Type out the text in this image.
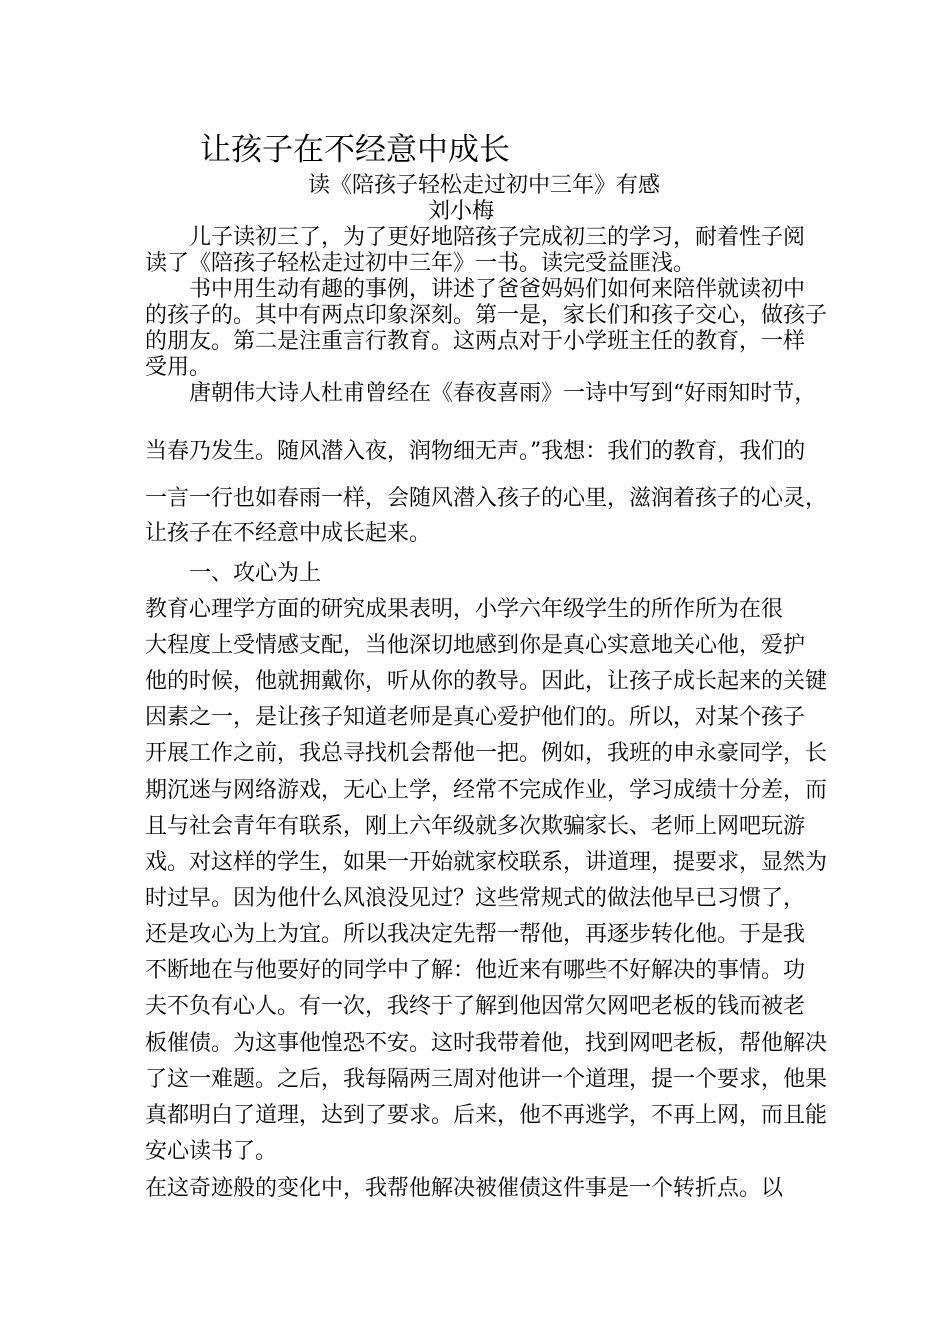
让孩子在不经意中成长
读《陪孩子轻松走过初中三年》有感
刘小梅
　　儿子读初三了，为了更好地陪孩子完成初三的学习，耐着性子阅
读了《陪孩子轻松走过初中三年》一书。读完受益匪浅。
　　书中用生动有趣的事例，讲述了爸爸妈妈们如何来陪伴就读初中
的孩子的。其中有两点印象深刻。第一是，家长们和孩子交心，做孩子
的朋友。第二是注重言行教育。这两点对于小学班主任的教育，一样
受用。
　　唐朝伟大诗人杜甫曾经在《春夜喜雨》一诗中写到“好雨知时节，
当春乃发生。随风潜入夜，润物细无声。”我想：我们的教育，我们的
一言一行也如春雨一样，会随风潜入孩子的心里，滋润着孩子的心灵，
让孩子在不经意中成长起来。
　　一、攻心为上
教育心理学方面的研究成果表明，小学六年级学生的所作所为在很
大程度上受情感支配，当他深切地感到你是真心实意地关心他，爱护
他的时候，他就拥戴你，听从你的教导。因此，让孩子成长起来的关键
因素之一，是让孩子知道老师是真心爱护他们的。所以，对某个孩子
开展工作之前，我总寻找机会帮他一把。例如，我班的申永豪同学，长
期沉迷与网络游戏，无心上学，经常不完成作业，学习成绩十分差，而
且与社会青年有联系，刚上六年级就多次欺骗家长、老师上网吧玩游
戏。对这样的学生，如果一开始就家校联系，讲道理，提要求，显然为
时过早。因为他什么风浪没见过？这些常规式的做法他早已习惯了，
还是攻心为上为宜。所以我决定先帮一帮他，再逐步转化他。于是我
不断地在与他要好的同学中了解：他近来有哪些不好解决的事情。功
夫不负有心人。有一次，我终于了解到他因常欠网吧老板的钱而被老
板催债。为这事他惶恐不安。这时我带着他，找到网吧老板，帮他解决
了这一难题。之后，我每隔两三周对他讲一个道理，提一个要求，他果
真都明白了道理，达到了要求。后来，他不再逃学，不再上网，而且能
安心读书了。
在这奇迹般的变化中，我帮他解决被催债这件事是一个转折点。以
